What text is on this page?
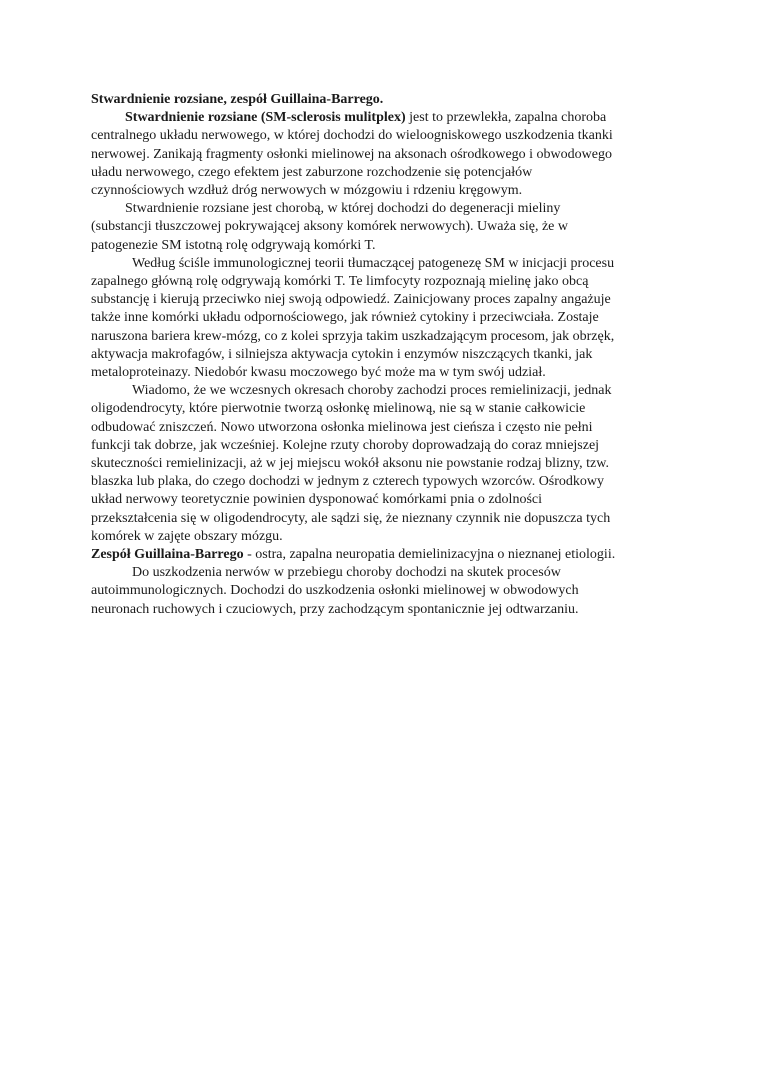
Stwardnienie rozsiane, zespół Guillaina-Barrego.
Stwardnienie rozsiane (SM-sclerosis mulitplex) jest to przewlekła, zapalna choroba
centralnego układu nerwowego, w której dochodzi do wieloogniskowego uszkodzenia tkanki
nerwowej. Zanikają fragmenty osłonki mielinowej na aksonach ośrodkowego i obwodowego
uładu nerwowego, czego efektem jest zaburzone rozchodzenie się potencjałów
czynnościowych wzdłuż dróg nerwowych w mózgowiu i rdzeniu kręgowym.
Stwardnienie rozsiane jest chorobą, w której dochodzi do degeneracji mieliny
(substancji tłuszczowej pokrywającej aksony komórek nerwowych). Uważa się, że w
patogenezie SM istotną rolę odgrywają komórki T.
Według ściśle immunologicznej teorii tłumaczącej patogenezę SM w inicjacji procesu
zapalnego główną rolę odgrywają komórki T. Te limfocyty rozpoznają mielinę jako obcą
substancję i kierują przeciwko niej swoją odpowiedź. Zainicjowany proces zapalny angażuje
także inne komórki układu odpornościowego, jak również cytokiny i przeciwciała. Zostaje
naruszona bariera krew-mózg, co z kolei sprzyja takim uszkadzającym procesom, jak obrzęk,
aktywacja makrofagów, i silniejsza aktywacja cytokin i enzymów niszczących tkanki, jak
metaloproteinazy. Niedobór kwasu moczowego być może ma w tym swój udział.
Wiadomo, że we wczesnych okresach choroby zachodzi proces remielinizacji, jednak
oligodendrocyty, które pierwotnie tworzą osłonkę mielinową, nie są w stanie całkowicie
odbudować zniszczeń. Nowo utworzona osłonka mielinowa jest cieńsza i często nie pełni
funkcji tak dobrze, jak wcześniej. Kolejne rzuty choroby doprowadzają do coraz mniejszej
skuteczności remielinizacji, aż w jej miejscu wokół aksonu nie powstanie rodzaj blizny, tzw.
blaszka lub plaka, do czego dochodzi w jednym z czterech typowych wzorców. Ośrodkowy
układ nerwowy teoretycznie powinien dysponować komórkami pnia o zdolności
przekształcenia się w oligodendrocyty, ale sądzi się, że nieznany czynnik nie dopuszcza tych
komórek w zajęte obszary mózgu.
Zespół Guillaina-Barrego - ostra, zapalna neuropatia demielinizacyjna o nieznanej etiologii.
Do uszkodzenia nerwów w przebiegu choroby dochodzi na skutek procesów
autoimmunologicznych. Dochodzi do uszkodzenia osłonki mielinowej w obwodowych
neuronach ruchowych i czuciowych, przy zachodzącym spontanicznie jej odtwarzaniu.
